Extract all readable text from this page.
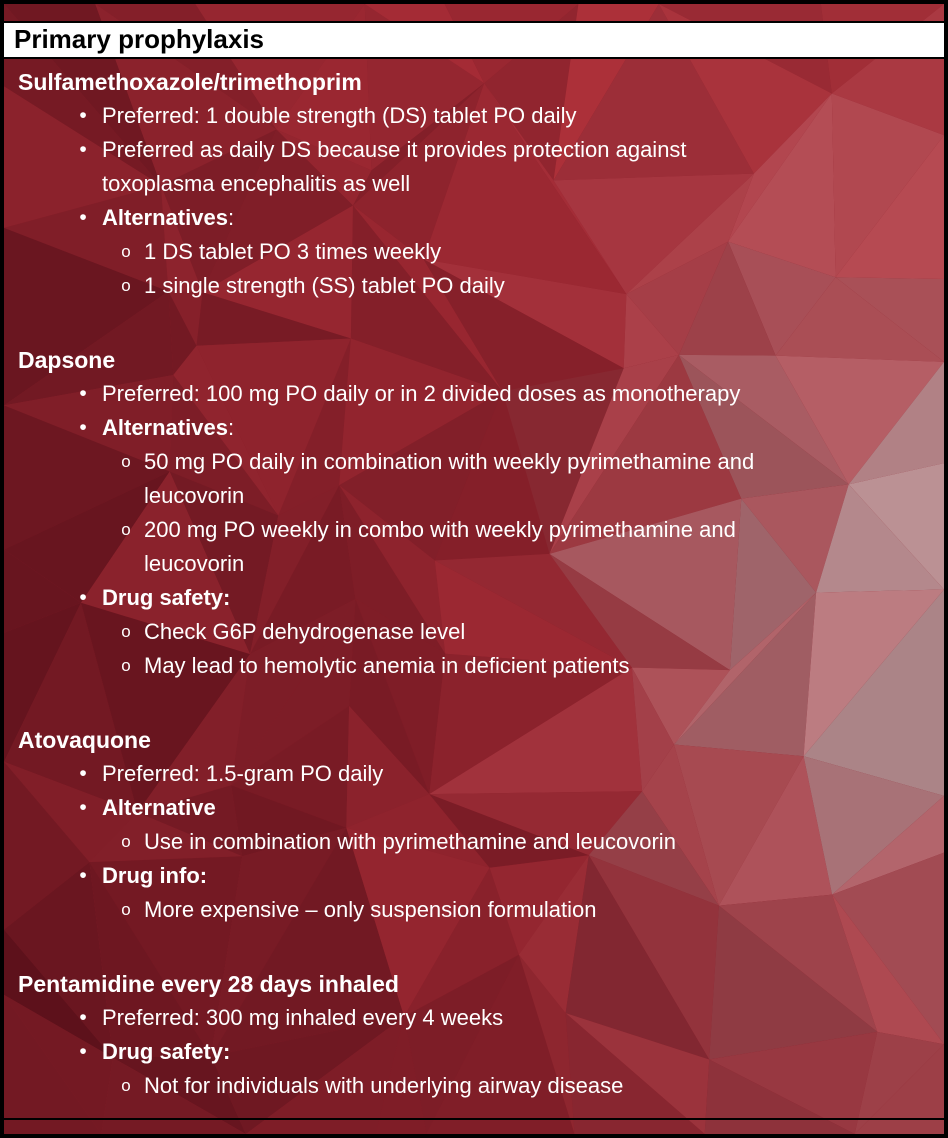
Primary prophylaxis
Sulfamethoxazole/trimethoprim
• Preferred: 1 double strength (DS) tablet PO daily
• Preferred as daily DS because it provides protection against toxoplasma encephalitis as well
• Alternatives:
o 1 DS tablet PO 3 times weekly
o 1 single strength (SS) tablet PO daily
Dapsone
• Preferred: 100 mg PO daily or in 2 divided doses as monotherapy
• Alternatives:
o 50 mg PO daily in combination with weekly pyrimethamine and leucovorin
o 200 mg PO weekly in combo with weekly pyrimethamine and leucovorin
• Drug safety:
o Check G6P dehydrogenase level
o May lead to hemolytic anemia in deficient patients
Atovaquone
• Preferred: 1.5-gram PO daily
• Alternative
o Use in combination with pyrimethamine and leucovorin
• Drug info:
o More expensive – only suspension formulation
Pentamidine every 28 days inhaled
• Preferred: 300 mg inhaled every 4 weeks
• Drug safety:
o Not for individuals with underlying airway disease
